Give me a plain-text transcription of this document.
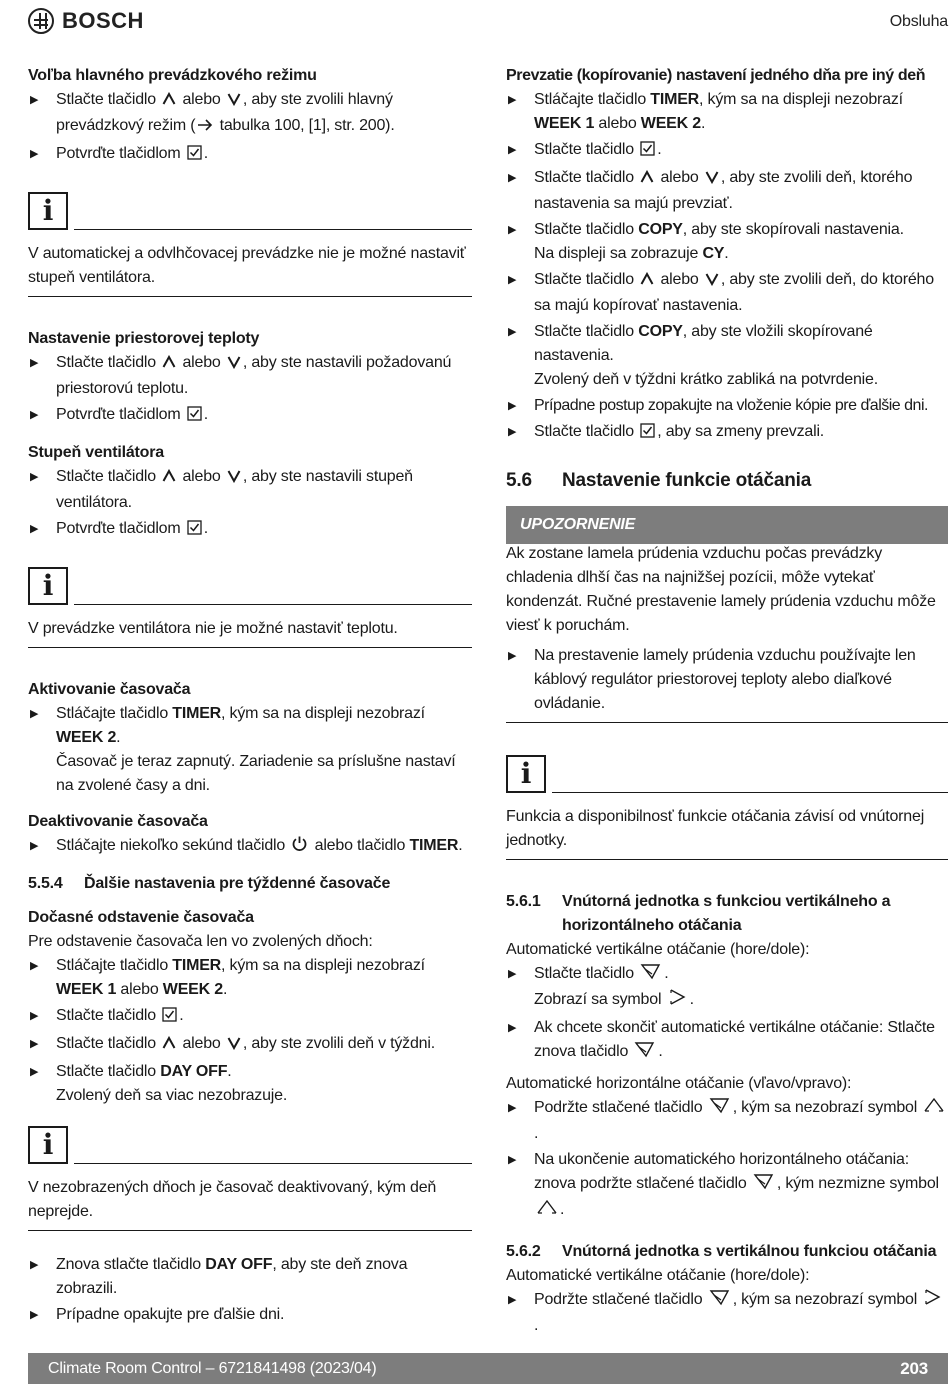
BOSCH	Obsluha
Voľba hlavného prevádzkového režimu
▶ Stlačte tlačidlo  alebo , aby ste zvolili hlavný prevádzkový režim ( tabulka 100, [1], str. 200).
▶ Potvrďte tlačidlom .
i
V automatickej a odvlhčovacej prevádzke nie je možné nastaviť stupeň ventilátora.
Nastavenie priestorovej teploty
▶ Stlačte tlačidlo  alebo , aby ste nastavili požadovanú priestorovú teplotu.
▶ Potvrďte tlačidlom .
Stupeň ventilátora
▶ Stlačte tlačidlo  alebo , aby ste nastavili stupeň ventilátora.
▶ Potvrďte tlačidlom .
i
V prevádzke ventilátora nie je možné nastaviť teplotu.
Aktivovanie časovača
▶ Stláčajte tlačidlo TIMER, kým sa na displeji nezobrazí WEEK 2.
Časovač je teraz zapnutý. Zariadenie sa príslušne nastaví na zvolené časy a dni.
Deaktivovanie časovača
▶ Stláčajte niekoľko sekúnd tlačidlo  alebo tlačidlo TIMER.
5.5.4 Ďalšie nastavenia pre týždenné časovače
Dočasné odstavenie časovača

Pre odstavenie časovača len vo zvolených dňoch:

▶ Stláčajte tlačidlo TIMER, kým sa na displeji nezobrazí WEEK 1 alebo WEEK 2.
▶ Stlačte tlačidlo .
▶ Stlačte tlačidlo  alebo , aby ste zvolili deň v týždni.
▶ Stlačte tlačidlo DAY OFF.
Zvolený deň sa viac nezobrazuje.
i
V nezobrazených dňoch je časovač deaktivovaný, kým deň neprejde.
▶ Znova stlačte tlačidlo DAY OFF, aby ste deň znova zobrazili.
▶ Prípadne opakujte pre ďalšie dni.
Prevzatie (kopírovanie) nastavení jedného dňa pre iný deň
▶ Stláčajte tlačidlo TIMER, kým sa na displeji nezobrazí WEEK 1 alebo WEEK 2.
▶ Stlačte tlačidlo .
▶ Stlačte tlačidlo  alebo , aby ste zvolili deň, ktorého nastavenia sa majú prevziať.
▶ Stlačte tlačidlo COPY, aby ste skopírovali nastavenia.
Na displeji sa zobrazuje CY.
▶ Stlačte tlačidlo  alebo , aby ste zvolili deň, do ktorého sa majú kopírovať nastavenia.
▶ Stlačte tlačidlo COPY, aby ste vložili skopírované nastavenia.
Zvolený deň v týždni krátko zabliká na potvrdenie.
▶ Prípadne postup zopakujte na vloženie kópie pre ďalšie dni.
▶ Stlačte tlačidlo , aby sa zmeny prevzali.
5.6 Nastavenie funkcie otáčania
UPOZORNENIE

Ak zostane lamela prúdenia vzduchu počas prevádzky chladenia dlhší čas na najnižšej pozícii, môže vytekať kondenzát. Ručné prestavenie lamely prúdenia vzduchu môže viesť k poruchám.

▶ Na prestavenie lamely prúdenia vzduchu používajte len káblový regulátor priestorovej teploty alebo diaľkové ovládanie.
i
Funkcia a disponibilnosť funkcie otáčania závisí od vnútornej jednotky.
5.6.1	Vnútorná jednotka s funkciou vertikálneho a horizontálneho otáčania

Automatické vertikálne otáčanie (hore/dole):

▶ Stlačte tlačidlo .
Zobrazí sa symbol .
▶ Ak chcete skončiť automatické vertikálne otáčanie: Stlačte znova tlačidlo .

Automatické horizontálne otáčanie (vľavo/vpravo):

▶ Podržte stlačené tlačidlo , kým sa nezobrazí symbol .
▶ Na ukončenie automatického horizontálneho otáčania: znova podržte stlačené tlačidlo , kým nezmizne symbol .
5.6.2	Vnútorná jednotka s vertikálnou funkciou otáčania

Automatické vertikálne otáčanie (hore/dole):

▶ Podržte stlačené tlačidlo , kým sa nezobrazí symbol .
Climate Room Control – 6721841498 (2023/04)	203
